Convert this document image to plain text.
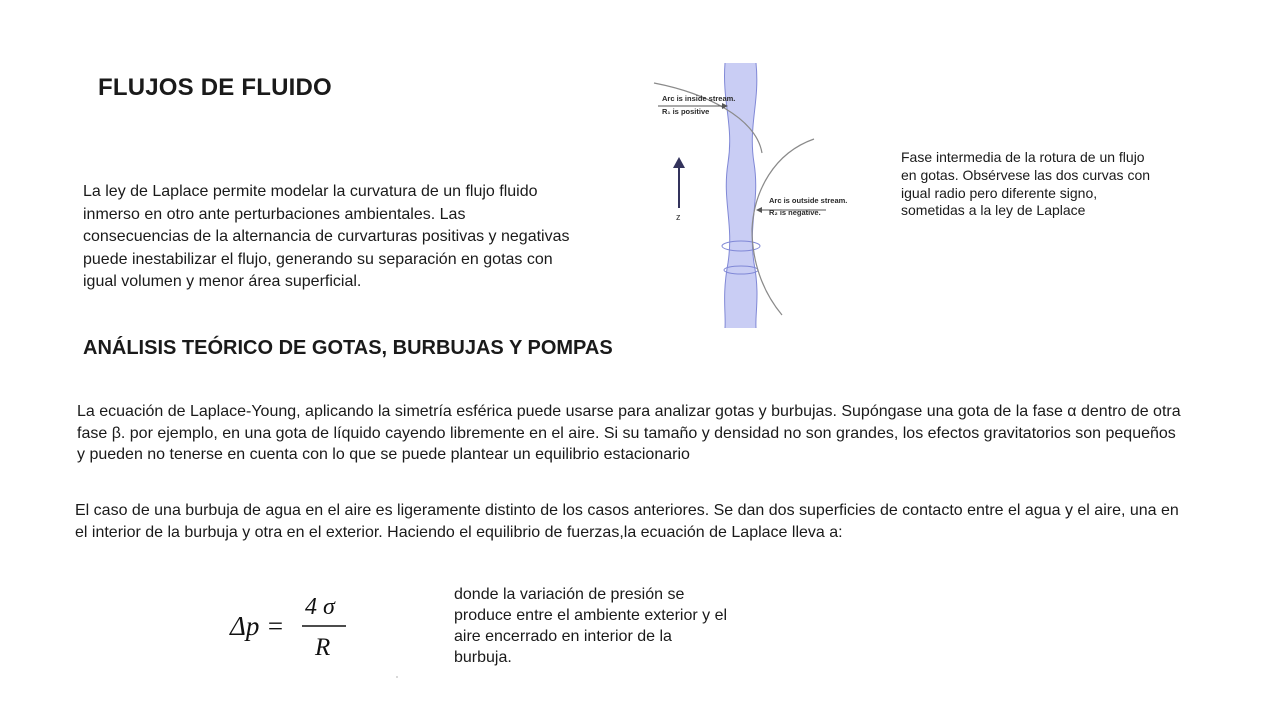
FLUJOS DE FLUIDO
La ley de Laplace permite modelar la curvatura de un flujo fluido inmerso en otro ante perturbaciones ambientales. Las consecuencias de la alternancia de curvarturas positivas y negativas puede inestabilizar el flujo, generando su separación en gotas con igual volumen y menor área superficial.
ANÁLISIS TEÓRICO DE GOTAS, BURBUJAS Y POMPAS
La ecuación de Laplace-Young, aplicando la simetría esférica puede usarse para analizar gotas y burbujas. Supóngase una gota de la fase α dentro de otra fase β. por ejemplo, en una gota de líquido cayendo libremente en el aire. Si su tamaño y densidad no son grandes, los efectos gravitatorios son pequeños y pueden no tenerse en cuenta con lo que se puede plantear un equilibrio estacionario
El caso de una burbuja de agua en el aire es ligeramente distinto de los casos anteriores. Se dan dos superficies de contacto entre el agua y el aire, una en el interior de la burbuja y otra en el exterior. Haciendo el equilibrio de fuerzas,la ecuación de Laplace lleva a:
Fase intermedia de la rotura de un flujo en gotas. Obsérvese las dos curvas con igual radio pero diferente signo, sometidas a la ley de Laplace
donde la variación de presión se produce entre el ambiente exterior y el aire encerrado en interior de la burbuja.
z
Arc is inside stream.
R₁ is positive
Arc is outside stream.
R₂ is negative.
Δp =
4 σ
R
